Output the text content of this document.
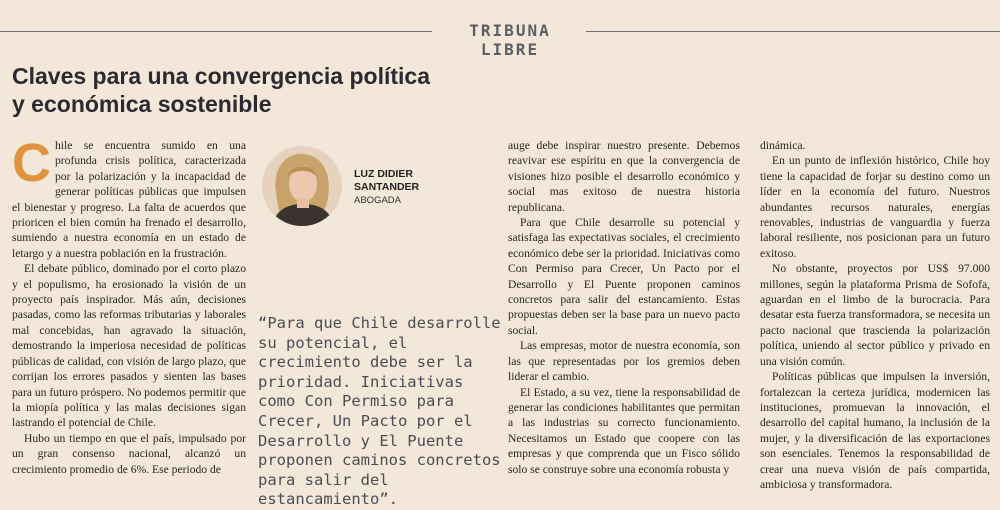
TRIBUNA LIBRE
Claves para una convergencia política
y económica sostenible

Chile se encuentra sumido en una profunda crisis política, caracterizada por la polarización y la incapacidad de generar políticas públicas que impulsen el bienestar y progreso. La falta de acuerdos que prioricen el bien común ha frenado el desarrollo, sumiendo a nuestra economía en un estado de letargo y a nuestra población en la frustración.

El debate público, dominado por el corto plazo y el populismo, ha erosionado la visión de un proyecto país inspirador. Más aún, decisiones pasadas, como las reformas tributarias y laborales mal concebidas, han agravado la situación, demostrando la imperiosa necesidad de políticas públicas de calidad, con visión de largo plazo, que corrijan los errores pasados y sienten las bases para un futuro próspero. No podemos permitir que la miopía política y las malas decisiones sigan lastrando el potencial de Chile.

Hubo un tiempo en que el país, impulsado por un gran consenso nacional, alcanzó un crecimiento promedio de 6%. Ese periodo de

LUZ DIDIER
SANTANDER
ABOGADA
“Para que Chile desarrolle su potencial, el crecimiento debe ser la prioridad. Iniciativas como Con Permiso para Crecer, Un Pacto por el Desarrollo y El Puente proponen caminos concretos para salir del estancamiento”.

auge debe inspirar nuestro presente. Debemos reavivar ese espíritu en que la convergencia de visiones hizo posible el desarrollo económico y social mas exitoso de nuestra historia republicana.

Para que Chile desarrolle su potencial y satisfaga las expectativas sociales, el crecimiento económico debe ser la prioridad. Iniciativas como Con Permiso para Crecer, Un Pacto por el Desarrollo y El Puente proponen caminos concretos para salir del estancamiento. Estas propuestas deben ser la base para un nuevo pacto social.

Las empresas, motor de nuestra economía, son las que representadas por los gremios deben liderar el cambio.

El Estado, a su vez, tiene la responsabilidad de generar las condiciones habilitantes que permitan a las industrias su correcto funcionamiento. Necesitamos un Estado que coopere con las empresas y que comprenda que un Fisco sólido solo se construye sobre una economía robusta y

dinámica.

En un punto de inflexión histórico, Chile hoy tiene la capacidad de forjar su destino como un líder en la economía del futuro. Nuestros abundantes recursos naturales, energías renovables, industrias de vanguardia y fuerza laboral resiliente, nos posicionan para un futuro exitoso.

No obstante, proyectos por US$ 97.000 millones, según la plataforma Prisma de Sofofa, aguardan en el limbo de la burocracia. Para desatar esta fuerza transformadora, se necesita un pacto nacional que trascienda la polarización política, uniendo al sector público y privado en una visión común.

Políticas públicas que impulsen la inversión, fortalezcan la certeza jurídica, modernicen las instituciones, promuevan la innovación, el desarrollo del capital humano, la inclusión de la mujer, y la diversificación de las exportaciones son esenciales. Tenemos la responsabilidad de crear una nueva visión de país compartida, ambiciosa y transformadora.
